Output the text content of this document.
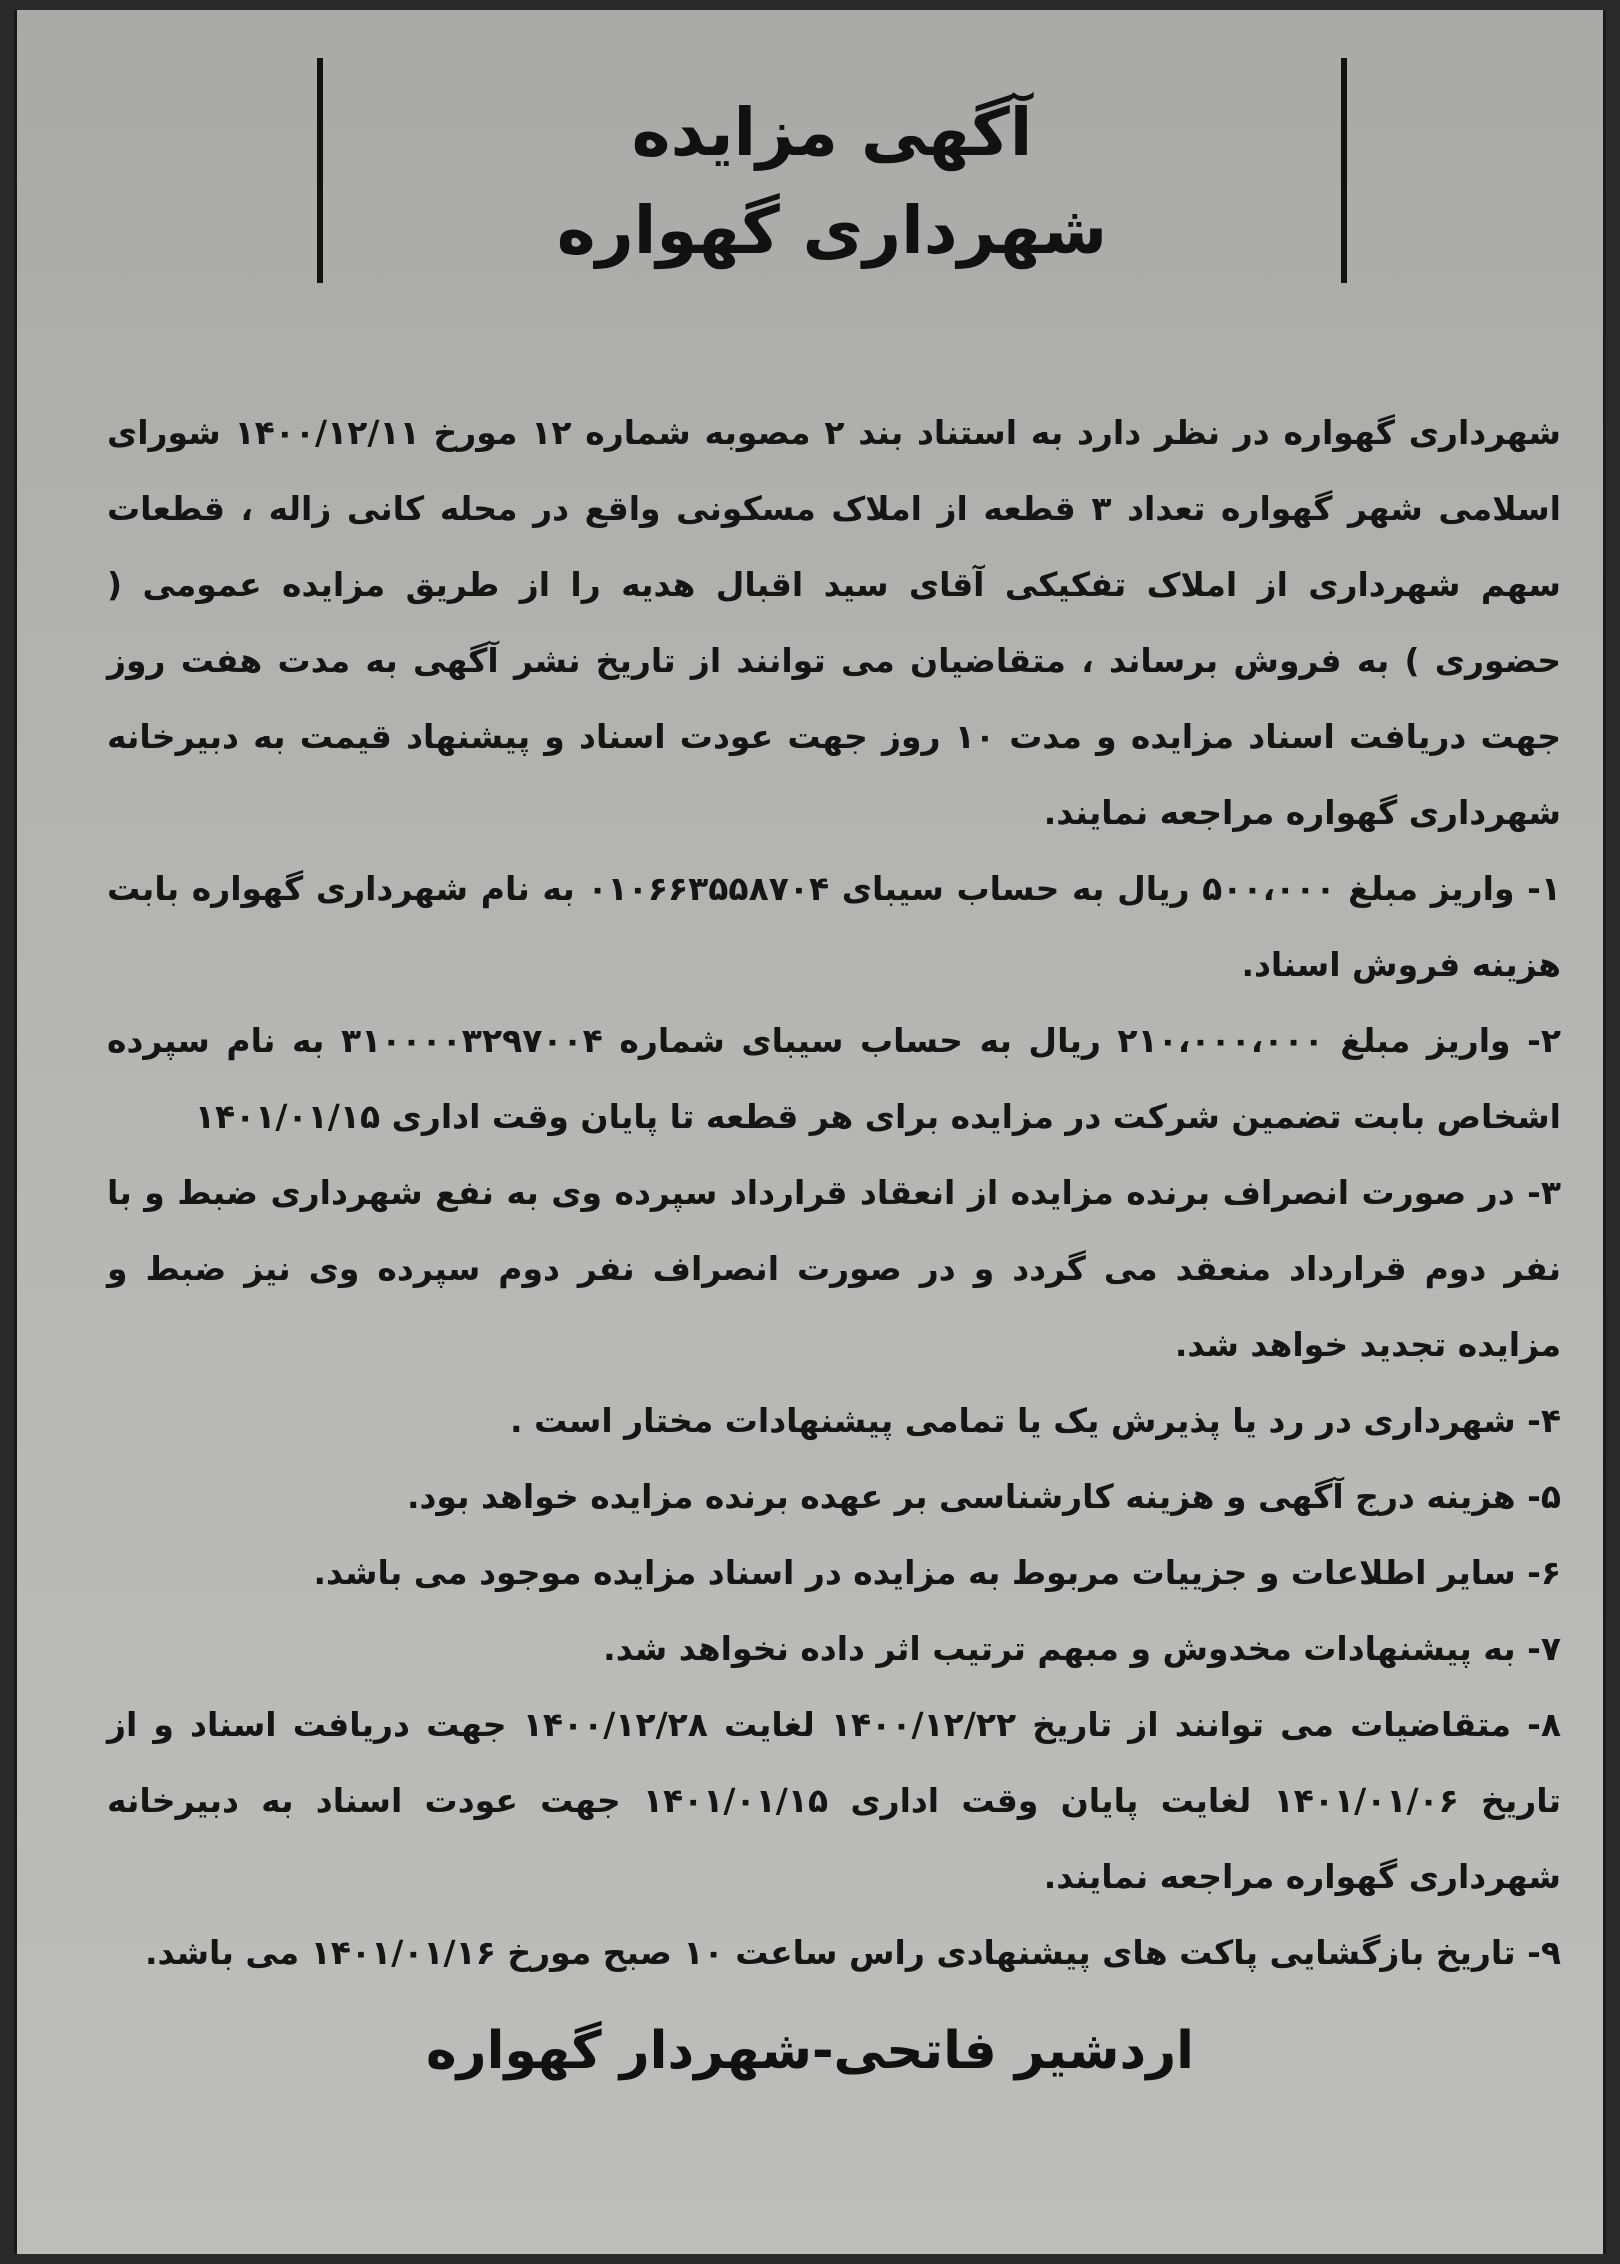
آگهی مزایده
شهرداری گهواره

شهرداری گهواره در نظر دارد به استناد بند ۲ مصوبه شماره ۱۲ مورخ ۱۴۰۰/۱۲/۱۱ شورای اسلامی شهر گهواره تعداد ۳ قطعه از املاک مسکونی واقع در محله کانی زاله ، قطعات سهم شهرداری از املاک تفکیکی آقای سید اقبال هدیه را از طریق مزایده عمومی ( حضوری ) به فروش برساند ، متقاضیان می توانند از تاریخ نشر آگهی به مدت هفت روز جهت دریافت اسناد مزایده و مدت ۱۰ روز جهت عودت اسناد و پیشنهاد قیمت به دبیرخانه شهرداری گهواره مراجعه نمایند.

۱- واریز مبلغ ۵۰۰،۰۰۰ ریال به حساب سیبای ۰۱۰۶۶۳۵۵۸۷۰۴ به نام شهرداری گهواره بابت هزینه فروش اسناد.

۲- واریز مبلغ ۲۱۰،۰۰۰،۰۰۰ ریال به حساب سیبای شماره ۳۱۰۰۰۰۳۲۹۷۰۰۴ به نام سپرده اشخاص بابت تضمین شرکت در مزایده برای هر قطعه تا پایان وقت اداری ۱۴۰۱/۰۱/۱۵

۳- در صورت انصراف برنده مزایده از انعقاد قرارداد سپرده وی به نفع شهرداری ضبط و با نفر دوم قرارداد منعقد می گردد و در صورت انصراف نفر دوم سپرده وی نیز ضبط و مزایده تجدید خواهد شد.

۴- شهرداری در رد یا پذیرش یک یا تمامی پیشنهادات مختار است .

۵- هزینه درج آگهی و هزینه کارشناسی بر عهده برنده مزایده خواهد بود.

۶- سایر اطلاعات و جزییات مربوط به مزایده در اسناد مزایده موجود می باشد.

۷- به پیشنهادات مخدوش و مبهم ترتیب اثر داده نخواهد شد.

۸- متقاضیات می توانند از تاریخ ۱۴۰۰/۱۲/۲۲ لغایت ۱۴۰۰/۱۲/۲۸ جهت دریافت اسناد و از تاریخ ۱۴۰۱/۰۱/۰۶ لغایت پایان وقت اداری ۱۴۰۱/۰۱/۱۵ جهت عودت اسناد به دبیرخانه شهرداری گهواره مراجعه نمایند.

۹- تاریخ بازگشایی پاکت های پیشنهادی راس ساعت ۱۰ صبح مورخ ۱۴۰۱/۰۱/۱۶ می باشد.

اردشیر فاتحی-شهردار گهواره
